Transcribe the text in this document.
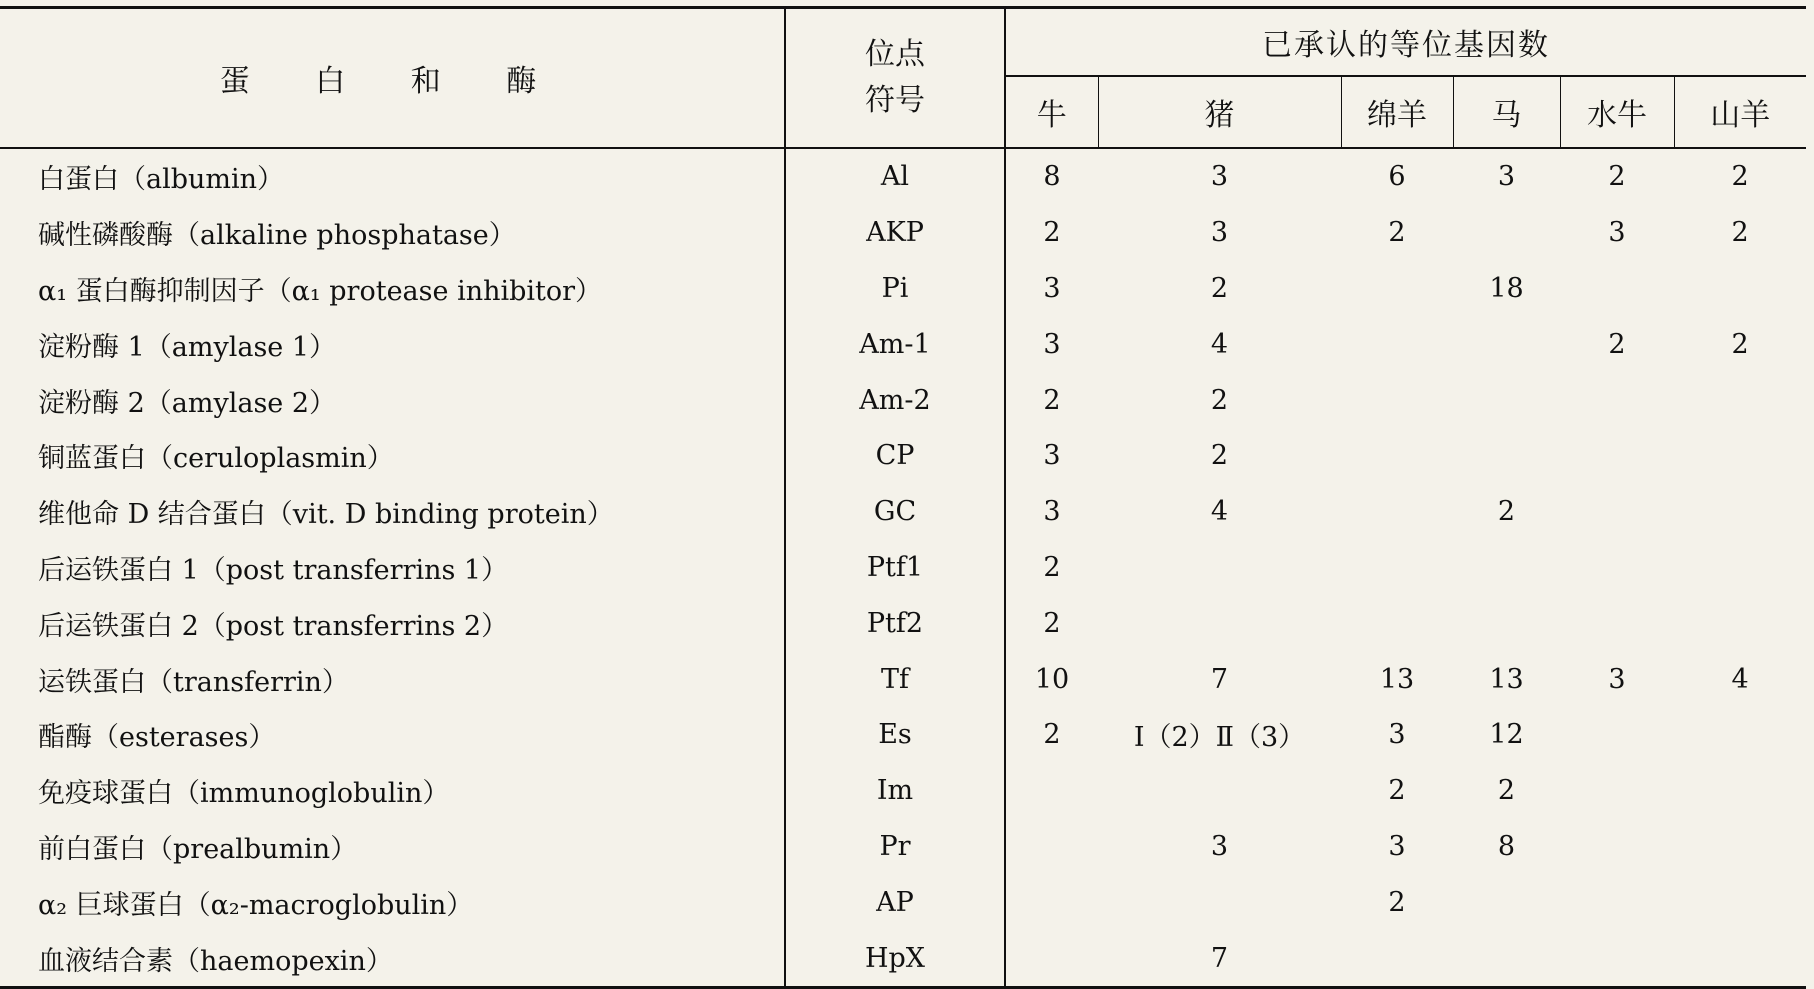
蛋 白 和 酶	位点
符号	已承认的等位基因数					
		牛	猪	绵羊	马	水牛	山羊
白蛋白（albumin）	Al	8	3	6	3	2	2
碱性磷酸酶（alkaline phosphatase）	AKP	2	3	2		3	2
α₁ 蛋白酶抑制因子（α₁ protease inhibitor）	Pi	3	2		18		
淀粉酶 1（amylase 1）	Am-1	3	4			2	2
淀粉酶 2（amylase 2）	Am-2	2	2				
铜蓝蛋白（ceruloplasmin）	CP	3	2				
维他命 D 结合蛋白（vit. D binding protein）	GC	3	4		2		
后运铁蛋白 1（post transferrins 1）	Ptf1	2					
后运铁蛋白 2（post transferrins 2）	Ptf2	2					
运铁蛋白（transferrin）	Tf	10	7	13	13	3	4
酯酶（esterases）	Es	2	Ⅰ（2）Ⅱ（3）	3	12		
免疫球蛋白（immunoglobulin）	Im			2	2		
前白蛋白（prealbumin）	Pr		3	3	8		
α₂ 巨球蛋白（α₂-macroglobulin）	AP			2			
血液结合素（haemopexin）	HpX		7				
